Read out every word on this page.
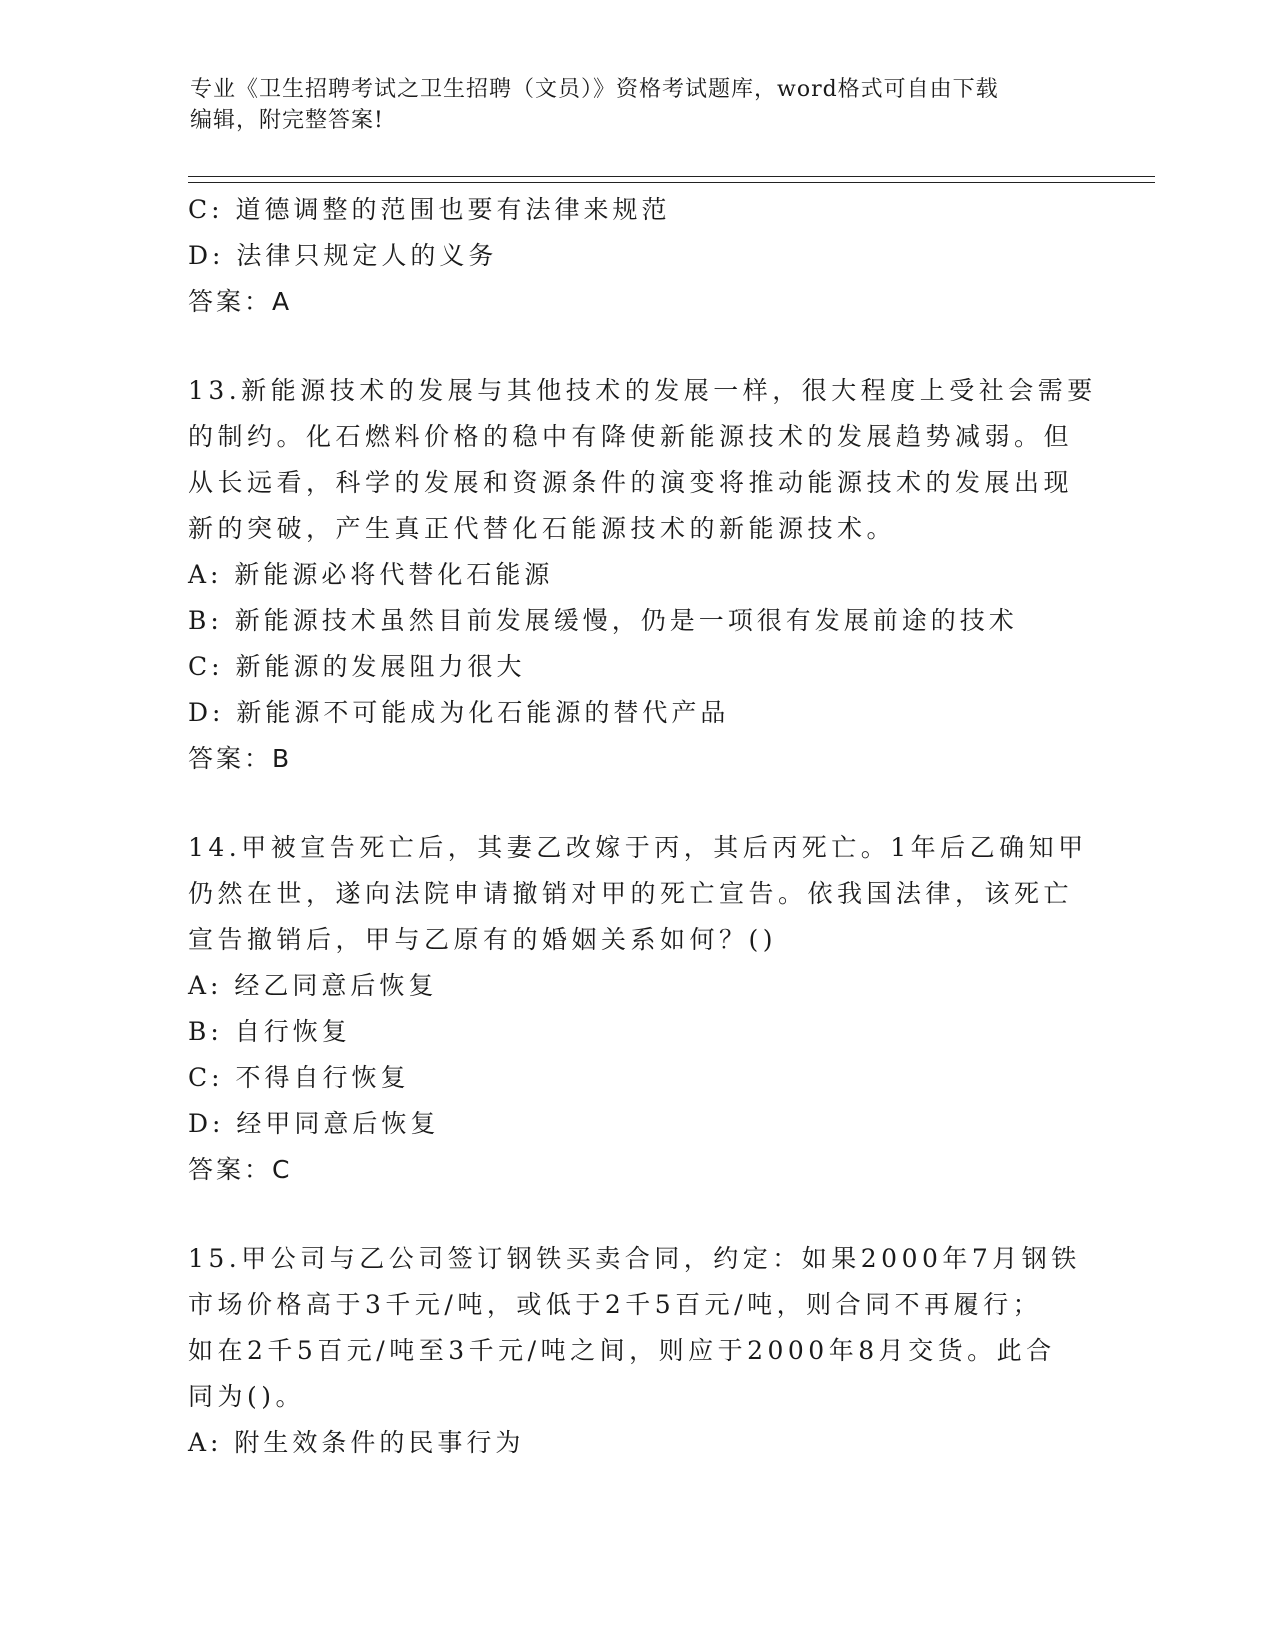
专业《卫生招聘考试之卫生招聘（文员）》资格考试题库，word格式可自由下载
编辑，附完整答案!
C: 道德调整的范围也要有法律来规范
D: 法律只规定人的义务
答案：A
13.新能源技术的发展与其他技术的发展一样，很大程度上受社会需要
的制约。化石燃料价格的稳中有降使新能源技术的发展趋势减弱。但
从长远看，科学的发展和资源条件的演变将推动能源技术的发展出现
新的突破，产生真正代替化石能源技术的新能源技术。
A: 新能源必将代替化石能源
B: 新能源技术虽然目前发展缓慢，仍是一项很有发展前途的技术
C: 新能源的发展阻力很大
D: 新能源不可能成为化石能源的替代产品
答案：B
14.甲被宣告死亡后，其妻乙改嫁于丙，其后丙死亡。1年后乙确知甲
仍然在世，遂向法院申请撤销对甲的死亡宣告。依我国法律，该死亡
宣告撤销后，甲与乙原有的婚姻关系如何？()
A: 经乙同意后恢复
B: 自行恢复
C: 不得自行恢复
D: 经甲同意后恢复
答案：C
15.甲公司与乙公司签订钢铁买卖合同，约定：如果2000年7月钢铁
市场价格高于3千元/吨，或低于2千5百元/吨，则合同不再履行；
如在2千5百元/吨至3千元/吨之间，则应于2000年8月交货。此合
同为()。
A: 附生效条件的民事行为
